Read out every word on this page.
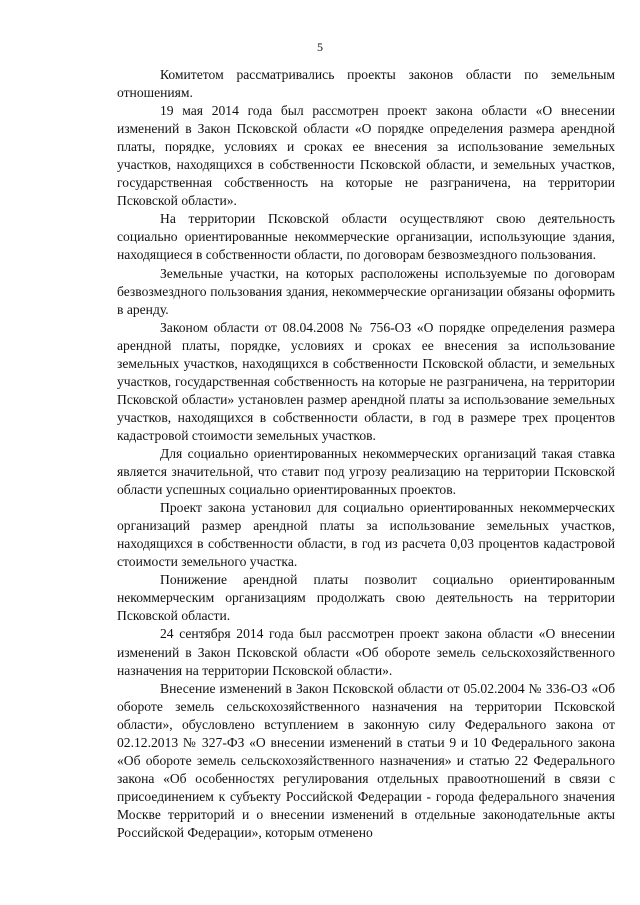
5

Комитетом рассматривались проекты законов области по земельным отношениям.

19 мая 2014 года был рассмотрен проект закона области «О внесении изменений в Закон Псковской области «О порядке определения размера арендной платы, порядке, условиях и сроках ее внесения за использование земельных участков, находящихся в собственности Псковской области, и земельных участков, государственная собственность на которые не разграничена, на территории Псковской области».

На территории Псковской области осуществляют свою деятельность социально ориентированные некоммерческие организации, использующие здания, находящиеся в собственности области, по договорам безвозмездного пользования.

Земельные участки, на которых расположены используемые по договорам безвозмездного пользования здания, некоммерческие организации обязаны оформить в аренду.

Законом области от 08.04.2008 № 756-ОЗ «О порядке определения размера арендной платы, порядке, условиях и сроках ее внесения за использование земельных участков, находящихся в собственности Псковской области, и земельных участков, государственная собственность на которые не разграничена, на территории Псковской области» установлен размер арендной платы за использование земельных участков, находящихся в собственности области, в год в размере трех процентов кадастровой стоимости земельных участков.

Для социально ориентированных некоммерческих организаций такая ставка является значительной, что ставит под угрозу реализацию на территории Псковской области успешных социально ориентированных проектов.

Проект закона установил для социально ориентированных некоммерческих организаций размер арендной платы за использование земельных участков, находящихся в собственности области, в год из расчета 0,03 процентов кадастровой стоимости земельного участка.

Понижение арендной платы позволит социально ориентированным некоммерческим организациям продолжать свою деятельность на территории Псковской области.

24 сентября 2014 года был рассмотрен проект закона области «О внесении изменений в Закон Псковской области «Об обороте земель сельскохозяйственного назначения на территории Псковской области».

Внесение изменений в Закон Псковской области от 05.02.2004 № 336-ОЗ «Об обороте земель сельскохозяйственного назначения на территории Псковской области», обусловлено вступлением в законную силу Федерального закона от 02.12.2013 № 327-ФЗ «О внесении изменений в статьи 9 и 10 Федерального закона «Об обороте земель сельскохозяйственного назначения» и статью 22 Федерального закона «Об особенностях регулирования отдельных правоотношений в связи с присоединением к субъекту Российской Федерации - города федерального значения Москве территорий и о внесении изменений в отдельные законодательные акты Российской Федерации», которым отменено
